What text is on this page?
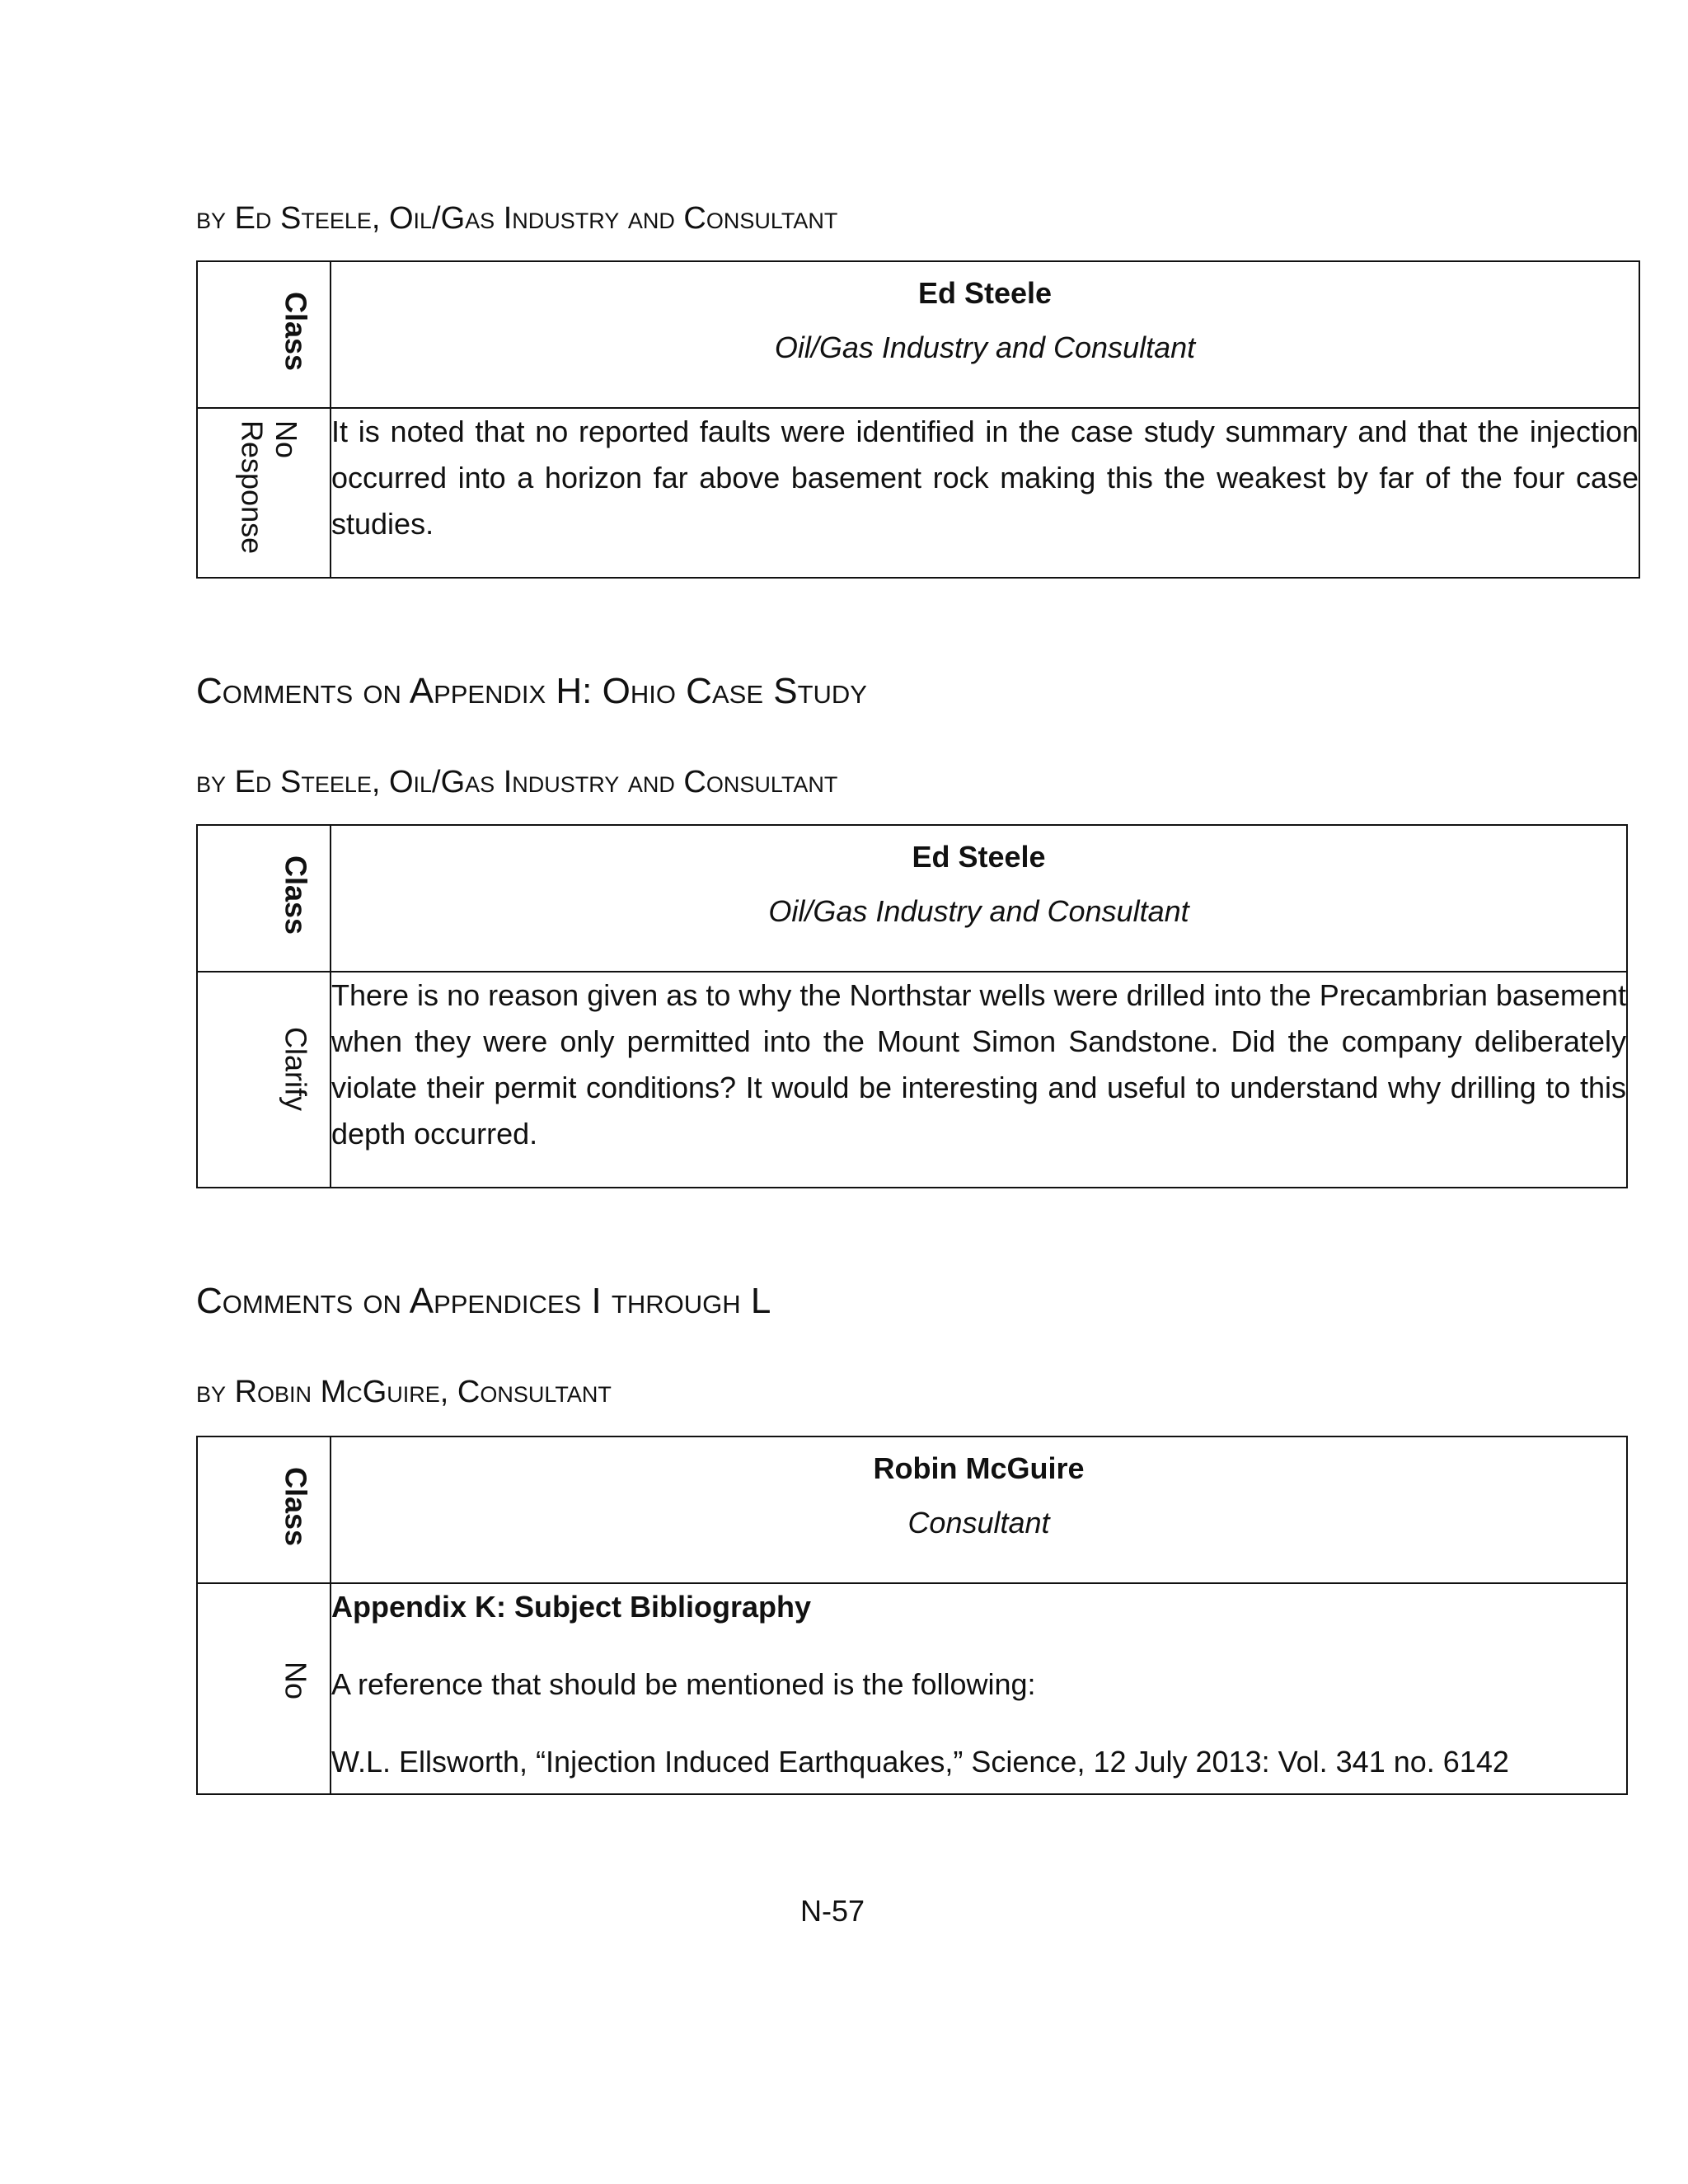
by Ed Steele, Oil/Gas Industry and Consultant

Class	Ed Steele
Oil/Gas Industry and Consultant

No Response	It is noted that no reported faults were identified in the case study summary and that the injection occurred into a horizon far above basement rock making this the weakest by far of the four case studies.
Comments on Appendix H: Ohio Case Study

by Ed Steele, Oil/Gas Industry and Consultant

Class	Ed Steele
Oil/Gas Industry and Consultant

Clarify	There is no reason given as to why the Northstar wells were drilled into the Precambrian basement when they were only permitted into the Mount Simon Sandstone. Did the company deliberately violate their permit conditions? It would be interesting and useful to understand why drilling to this depth occurred.
Comments on Appendices I through L

by Robin McGuire, Consultant

Class	Robin McGuire
Consultant

No	Appendix K: Subject Bibliography
A reference that should be mentioned is the following:
W.L. Ellsworth, “Injection Induced Earthquakes,” Science, 12 July 2013: Vol. 341 no. 6142
N-57
